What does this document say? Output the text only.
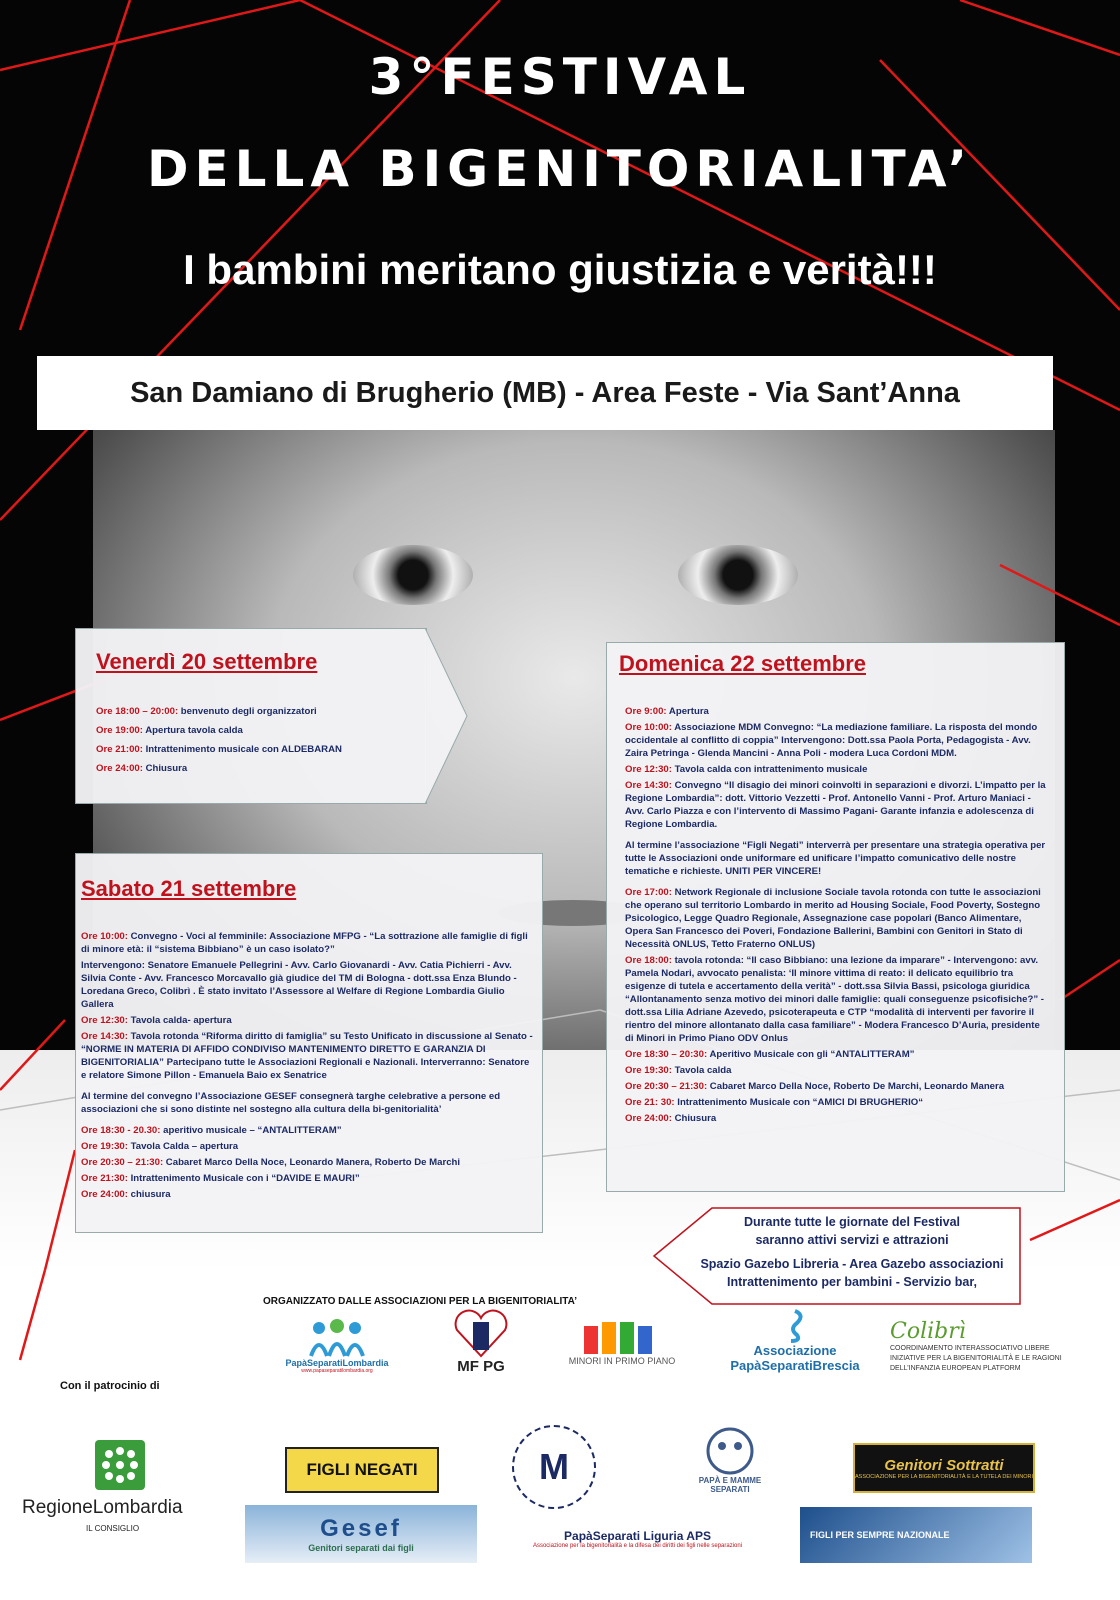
3°FESTIVAL
DELLA BIGENITORIALITA’
I bambini meritano giustizia e verità!!!
San Damiano di Brugherio (MB) - Area Feste - Via Sant’Anna
Venerdì 20 settembre

Ore 18:00 – 20:00: benvenuto degli organizzatori

Ore 19:00: Apertura tavola calda

Ore 21:00: Intrattenimento musicale con ALDEBARAN

Ore 24:00: Chiusura

Sabato 21 settembre

Ore 10:00: Convegno - Voci al femminile: Associazione MFPG - “La sottrazione alle famiglie di figli di minore età: il “sistema Bibbiano” è un caso isolato?”

Intervengono: Senatore Emanuele Pellegrini - Avv. Carlo Giovanardi - Avv. Catia Pichierri - Avv. Silvia Conte - Avv. Francesco Morcavallo già giudice del TM di Bologna - dott.ssa Enza Blundo - Loredana Greco, Colibrì . È stato invitato l’Assessore al Welfare di Regione Lombardia Giulio Gallera

Ore 12:30: Tavola calda- apertura

Ore 14:30: Tavola rotonda “Riforma diritto di famiglia” su Testo Unificato in discussione al Senato - “NORME IN MATERIA DI AFFIDO CONDIVISO MANTENIMENTO DIRETTO E GARANZIA DI BIGENITORIALIA” Partecipano tutte le Associazioni Regionali e Nazionali. Interverranno: Senatore e relatore Simone Pillon - Emanuela Baio ex Senatrice

Al termine del convegno l’Associazione GESEF consegnerà targhe celebrative a persone ed associazioni che si sono distinte nel sostegno alla cultura della bi-genitorialità’

Ore 18:30 - 20.30: aperitivo musicale – “ANTALITTERAM”

Ore 19:30: Tavola Calda – apertura

Ore 20:30 – 21:30: Cabaret Marco Della Noce, Leonardo Manera, Roberto De Marchi

Ore 21:30: Intrattenimento Musicale con i “DAVIDE E MAURI”

Ore 24:00: chiusura

Domenica 22 settembre

Ore 9:00: Apertura

Ore 10:00: Associazione MDM Convegno: “La mediazione familiare. La risposta del mondo occidentale al conflitto di coppia” Intervengono: Dott.ssa Paola Porta, Pedagogista - Avv. Zaira Petringa - Glenda Mancini - Anna Poli - modera Luca Cordoni MDM.

Ore 12:30: Tavola calda con intrattenimento musicale

Ore 14:30: Convegno “Il disagio dei minori coinvolti in separazioni e divorzi. L’impatto per la Regione Lombardia”: dott. Vittorio Vezzetti - Prof. Antonello Vanni - Prof. Arturo Maniaci - Avv. Carlo Piazza e con l’intervento di Massimo Pagani- Garante infanzia e adolescenza di Regione Lombardia.

Al termine l’associazione “Figli Negati” interverrà per presentare una strategia operativa per tutte le Associazioni onde uniformare ed unificare l’impatto comunicativo delle nostre tematiche e richieste. UNITI PER VINCERE!

Ore 17:00: Network Regionale di inclusione Sociale tavola rotonda con tutte le associazioni che operano sul territorio Lombardo in merito ad Housing Sociale, Food Poverty, Sostegno Psicologico, Legge Quadro Regionale, Assegnazione case popolari (Banco Alimentare, Opera San Francesco dei Poveri, Fondazione Ballerini, Bambini con Genitori in Stato di Necessità ONLUS, Tetto Fraterno ONLUS)

Ore 18:00: tavola rotonda: “Il caso Bibbiano: una lezione da imparare” - Intervengono: avv. Pamela Nodari, avvocato penalista: ‘Il minore vittima di reato: il delicato equilibrio tra esigenze di tutela e accertamento della verità” - dott.ssa Silvia Bassi, psicologa giuridica “Allontanamento senza motivo dei minori dalle famiglie: quali conseguenze psicofisiche?” - dott.ssa Lilia Adriane Azevedo, psicoterapeuta e CTP “modalità di interventi per favorire il rientro del minore allontanato dalla casa familiare” - Modera Francesco D’Auria, presidente di Minori in Primo Piano ODV Onlus

Ore 18:30 – 20:30: Aperitivo Musicale con gli “ANTALITTERAM”

Ore 19:30: Tavola calda

Ore 20:30 – 21:30: Cabaret Marco Della Noce, Roberto De Marchi, Leonardo Manera

Ore 21: 30: Intrattenimento Musicale con “AMICI DI BRUGHERIO“

Ore 24:00: Chiusura

Durante tutte le giornate del Festival
saranno attivi servizi e attrazioni
Spazio Gazebo Libreria - Area Gazebo associazioni
Intrattenimento per bambini - Servizio bar,
ORGANIZZATO DALLE ASSOCIAZIONI PER LA BIGENITORIALITA’
Con il patrocinio di
RegioneLombardia
IL CONSIGLIO
PapàSeparatiLombardia
www.papaseparatilombardia.org	MF PG	MINORI IN PRIMO PIANO
Associazione
PapàSeparatiBrescia
Colibrì
COORDINAMENTO INTERASSOCIATIVO LIBERE INIZIATIVE PER LA BIGENITORIALITÀ E LE RAGIONI DELL’INFANZIA EUROPEAN PLATFORM
FIGLI NEGATI	M	PAPÀ E MAMME SEPARATI
Genitori Sottratti
ASSOCIAZIONE PER LA BIGENITORIALITÀ E LA TUTELA DEI MINORI
Gesef
Genitori separati dai figli
PapàSeparati Liguria APS
Associazione per la bigenitorialità e la difesa dei diritti dei figli nelle separazioni
FIGLI PER SEMPRE NAZIONALE
